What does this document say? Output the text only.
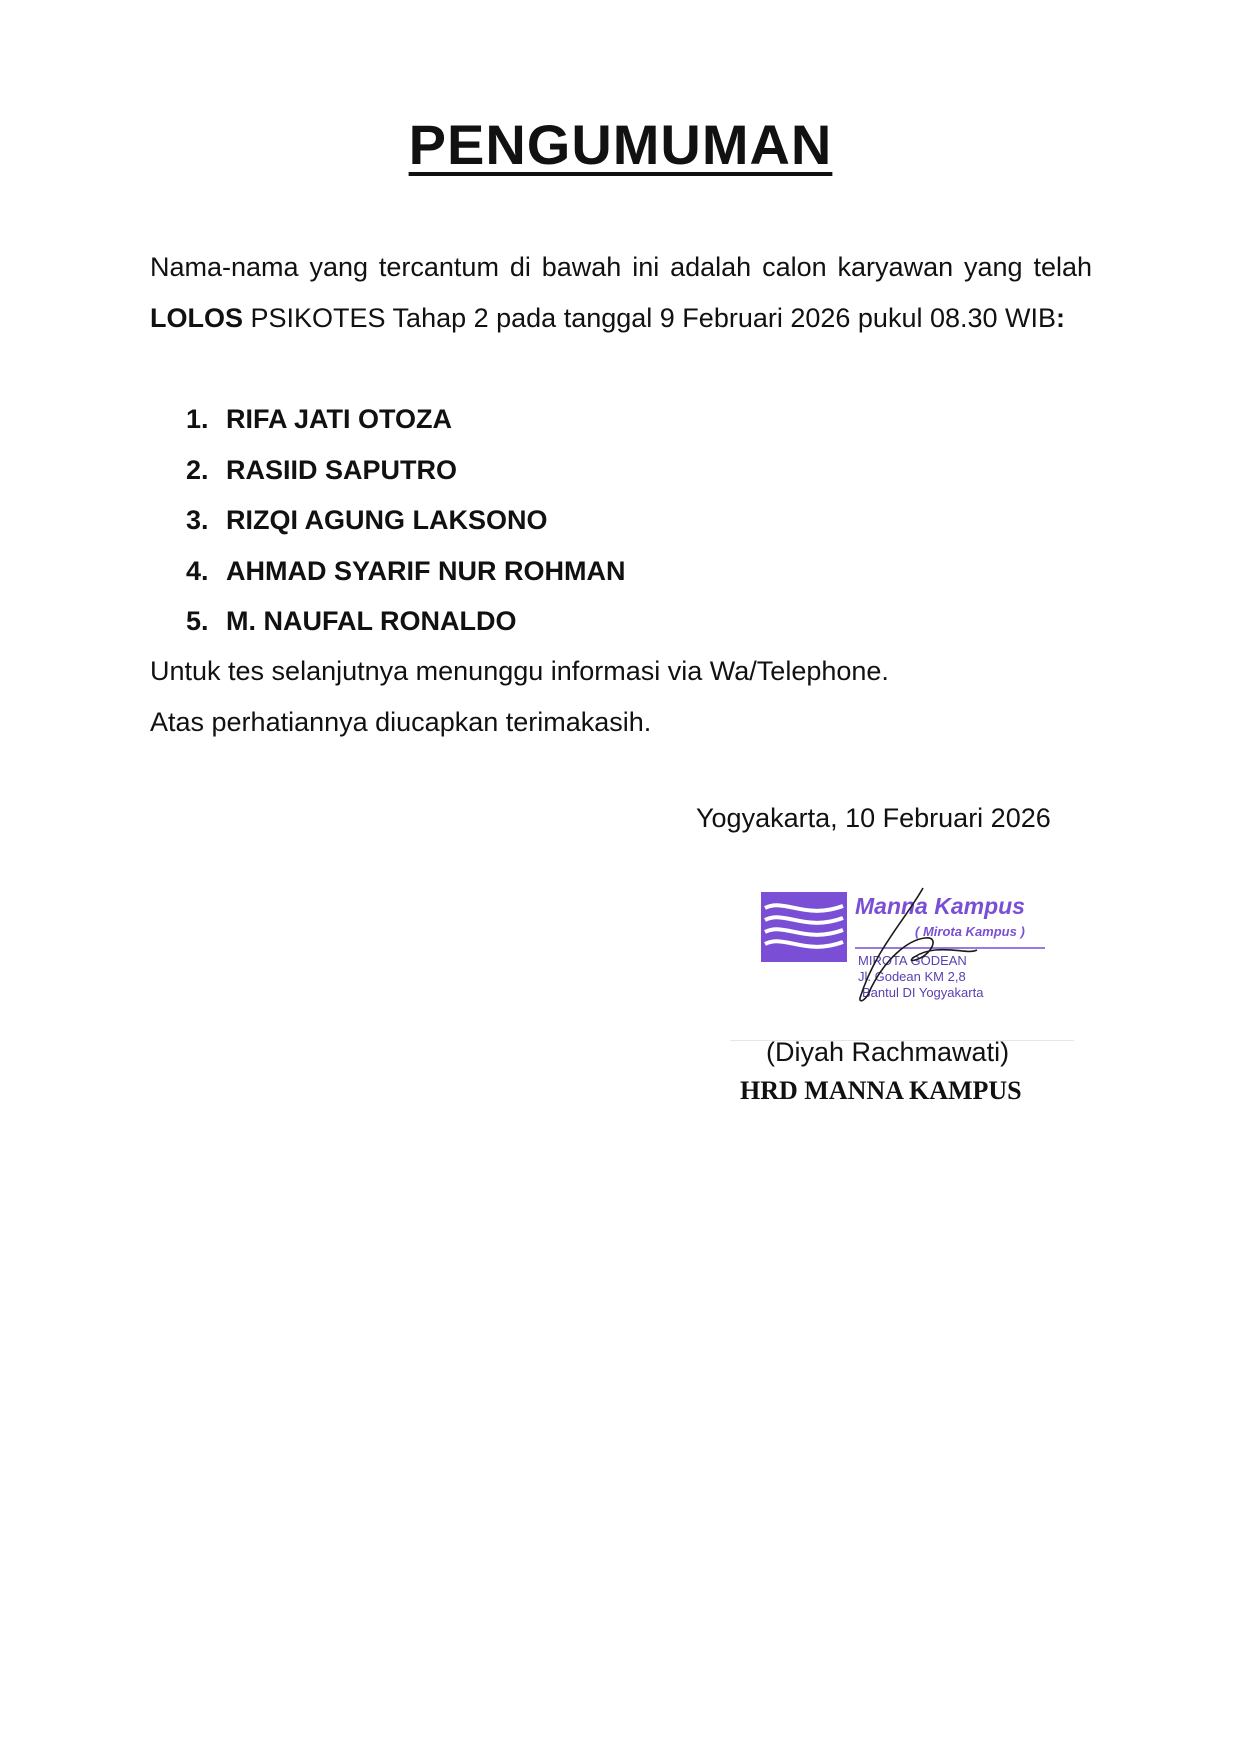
PENGUMUMAN

Nama-nama yang tercantum di bawah ini adalah calon karyawan yang telah LOLOS PSIKOTES Tahap 2 pada tanggal 9 Februari 2026 pukul 08.30 WIB:

1. RIFA JATI OTOZA
2. RASIID SAPUTRO
3. RIZQI AGUNG LAKSONO
4. AHMAD SYARIF NUR ROHMAN
5. M. NAUFAL RONALDO
Untuk tes selanjutnya menunggu informasi via Wa/Telephone.
Atas perhatiannya diucapkan terimakasih.
Yogyakarta, 10 Februari 2026
Manna Kampus
( Mirota Kampus )
MIROTA GODEAN
Jl. Godean KM 2,8
Bantul DI Yogyakarta
(Diyah Rachmawati)
HRD MANNA KAMPUS
